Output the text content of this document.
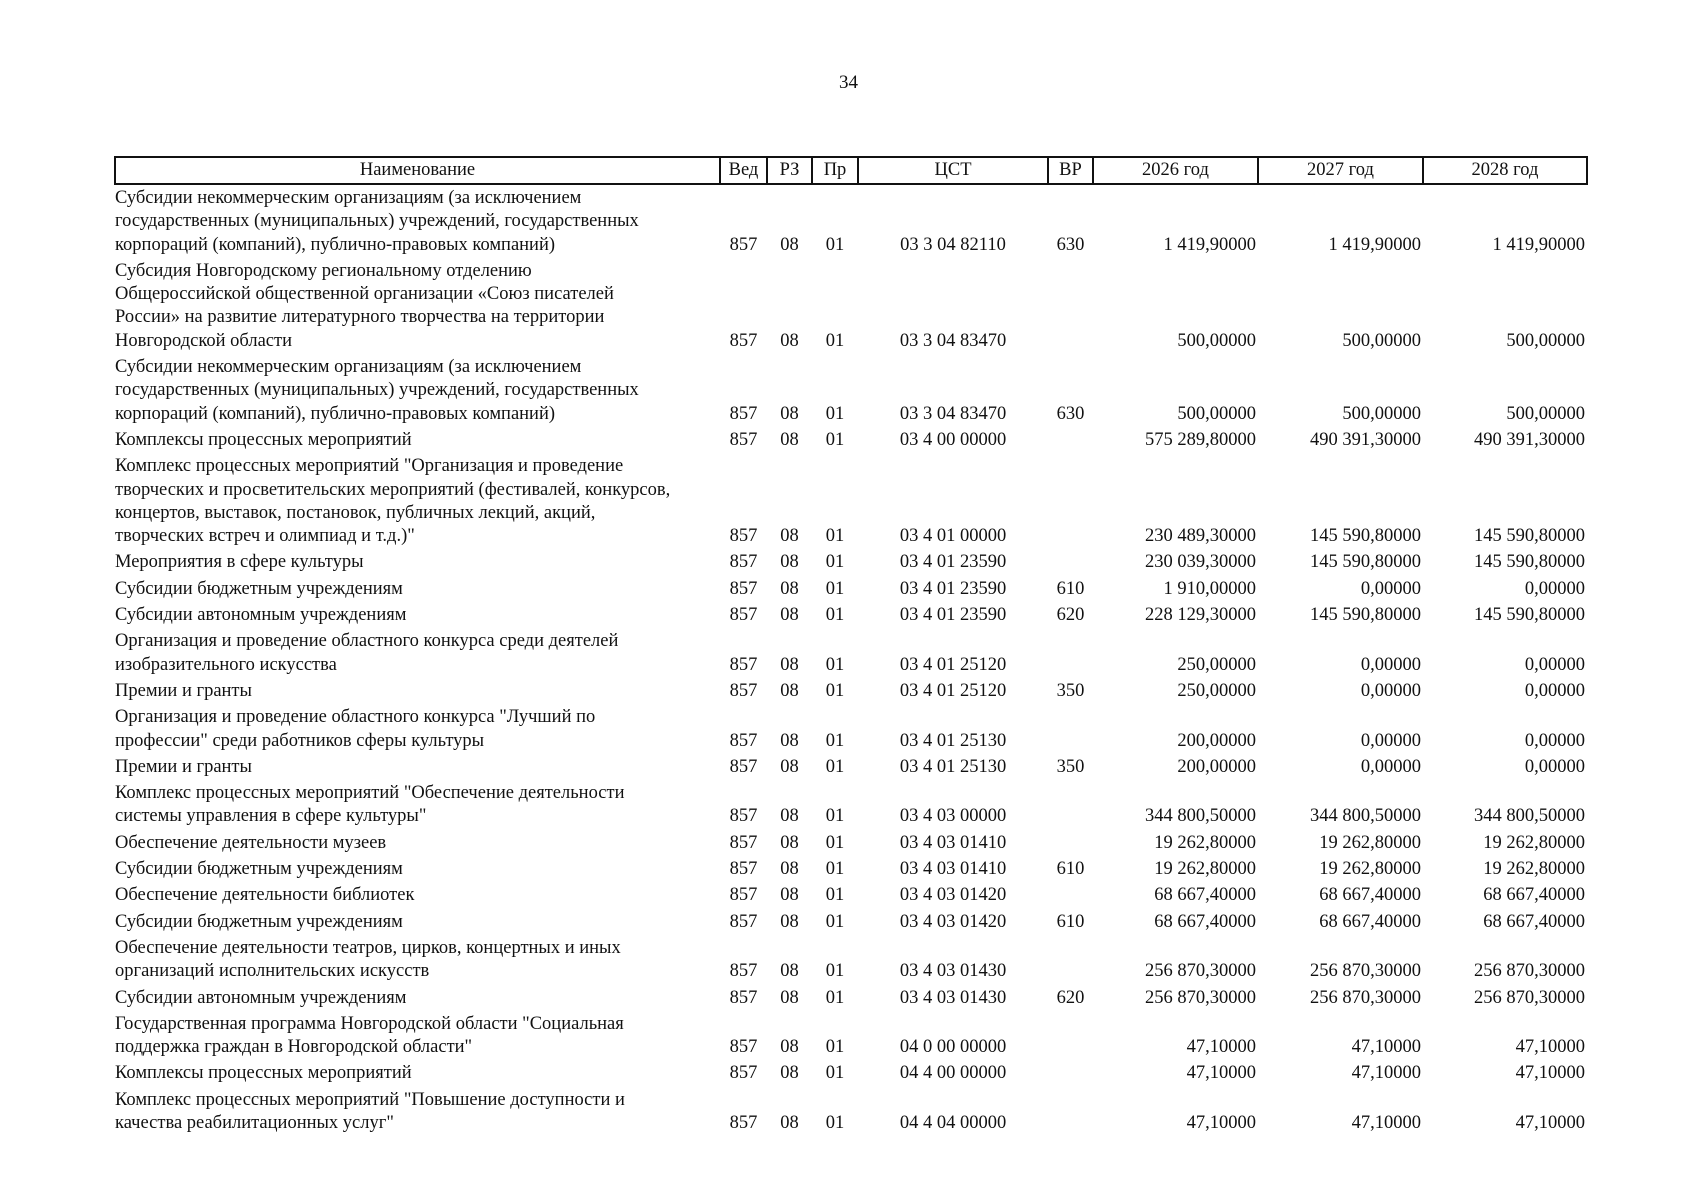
34
Наименование	Вед	РЗ	Пр	ЦСТ	ВР	2026 год	2027 год	2028 год

Субсидии некоммерческим организациям (за исключением
государственных (муниципальных) учреждений, государственных
корпораций (компаний), публично-правовых компаний)	857	08	01	03 3 04 82110	630	1 419,90000	1 419,90000	1 419,90000

Субсидия Новгородскому региональному отделению
Общероссийской общественной организации «Союз писателей
России» на развитие литературного творчества на территории
Новгородской области	857	08	01	03 3 04 83470		500,00000	500,00000	500,00000

Субсидии некоммерческим организациям (за исключением
государственных (муниципальных) учреждений, государственных
корпораций (компаний), публично-правовых компаний)	857	08	01	03 3 04 83470	630	500,00000	500,00000	500,00000

Комплексы процессных мероприятий	857	08	01	03 4 00 00000		575 289,80000	490 391,30000	490 391,30000

Комплекс процессных мероприятий "Организация и проведение
творческих и просветительских мероприятий (фестивалей, конкурсов,
концертов, выставок, постановок, публичных лекций, акций,
творческих встреч и олимпиад и т.д.)"	857	08	01	03 4 01 00000		230 489,30000	145 590,80000	145 590,80000

Мероприятия в сфере культуры	857	08	01	03 4 01 23590		230 039,30000	145 590,80000	145 590,80000

Субсидии бюджетным учреждениям	857	08	01	03 4 01 23590	610	1 910,00000	0,00000	0,00000

Субсидии автономным учреждениям	857	08	01	03 4 01 23590	620	228 129,30000	145 590,80000	145 590,80000

Организация и проведение областного конкурса среди деятелей
изобразительного искусства	857	08	01	03 4 01 25120		250,00000	0,00000	0,00000

Премии и гранты	857	08	01	03 4 01 25120	350	250,00000	0,00000	0,00000

Организация и проведение областного конкурса "Лучший по
профессии" среди работников сферы культуры	857	08	01	03 4 01 25130		200,00000	0,00000	0,00000

Премии и гранты	857	08	01	03 4 01 25130	350	200,00000	0,00000	0,00000

Комплекс процессных мероприятий "Обеспечение деятельности
системы управления в сфере культуры"	857	08	01	03 4 03 00000		344 800,50000	344 800,50000	344 800,50000

Обеспечение деятельности музеев	857	08	01	03 4 03 01410		19 262,80000	19 262,80000	19 262,80000

Субсидии бюджетным учреждениям	857	08	01	03 4 03 01410	610	19 262,80000	19 262,80000	19 262,80000

Обеспечение деятельности библиотек	857	08	01	03 4 03 01420		68 667,40000	68 667,40000	68 667,40000

Субсидии бюджетным учреждениям	857	08	01	03 4 03 01420	610	68 667,40000	68 667,40000	68 667,40000

Обеспечение деятельности театров, цирков, концертных и иных
организаций исполнительских искусств	857	08	01	03 4 03 01430		256 870,30000	256 870,30000	256 870,30000

Субсидии автономным учреждениям	857	08	01	03 4 03 01430	620	256 870,30000	256 870,30000	256 870,30000

Государственная программа Новгородской области "Социальная
поддержка граждан в Новгородской области"	857	08	01	04 0 00 00000		47,10000	47,10000	47,10000

Комплексы процессных мероприятий	857	08	01	04 4 00 00000		47,10000	47,10000	47,10000

Комплекс процессных мероприятий "Повышение доступности и
качества реабилитационных услуг"	857	08	01	04 4 04 00000		47,10000	47,10000	47,10000
